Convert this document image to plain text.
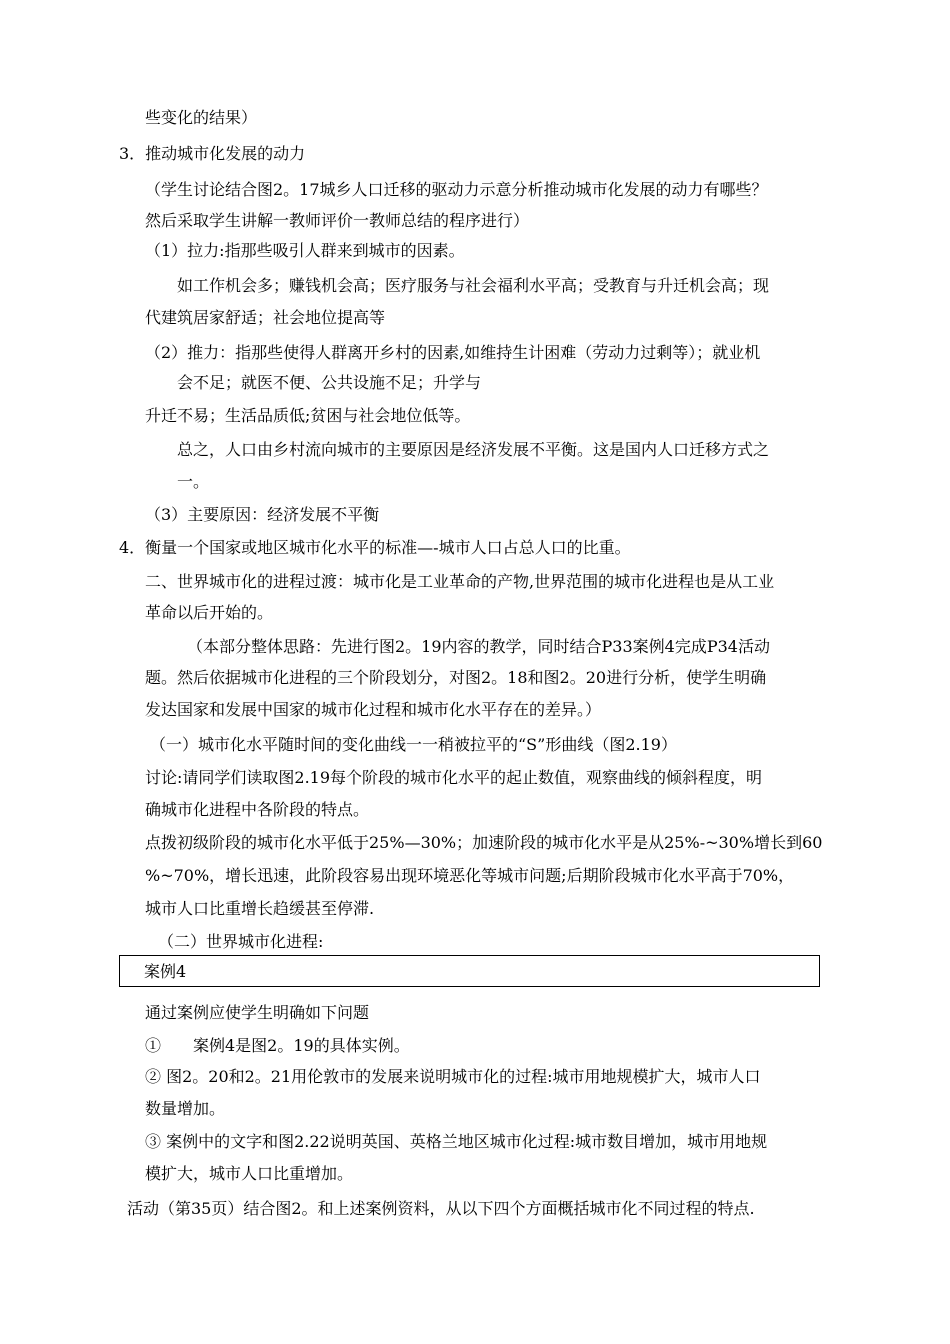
些变化的结果）

3．推动城市化发展的动力

（学生讨论结合图2。17城乡人口迁移的驱动力示意分析推动城市化发展的动力有哪些？

然后采取学生讲解一教师评价一教师总结的程序进行）

（1）拉力:指那些吸引人群来到城市的因素。

如工作机会多；赚钱机会高；医疗服务与社会福利水平高；受教育与升迁机会高；现

代建筑居家舒适；社会地位提高等

（2）推力：指那些使得人群离开乡村的因素,如维持生计困难（劳动力过剩等）；就业机

会不足；就医不便、公共设施不足；升学与

升迁不易；生活品质低;贫困与社会地位低等。

总之，人口由乡村流向城市的主要原因是经济发展不平衡。这是国内人口迁移方式之

一。

（3）主要原因：经济发展不平衡

4．衡量一个国家或地区城市化水平的标准—-城市人口占总人口的比重。

二、世界城市化的进程过渡：城市化是工业革命的产物,世界范围的城市化进程也是从工业

革命以后开始的。

（本部分整体思路：先进行图2。19内容的教学，同时结合P33案例4完成P34活动

题。然后依据城市化进程的三个阶段划分，对图2。18和图2。20进行分析，使学生明确

发达国家和发展中国家的城市化过程和城市化水平存在的差异。）

（一）城市化水平随时间的变化曲线一一稍被拉平的“S”形曲线（图2.19）

讨论:请同学们读取图2.19每个阶段的城市化水平的起止数值，观察曲线的倾斜程度，明

确城市化进程中各阶段的特点。

点拨初级阶段的城市化水平低于25%—30%；加速阶段的城市化水平是从25%-~30%增长到60

%~70%，增长迅速，此阶段容易出现环境恶化等城市问题;后期阶段城市化水平高于70%，

城市人口比重增长趋缓甚至停滞.

（二）世界城市化进程:

案例4

通过案例应使学生明确如下问题

①　　案例4是图2。19的具体实例。

② 图2。20和2。21用伦敦市的发展来说明城市化的过程:城市用地规模扩大，城市人口

数量增加。

③ 案例中的文字和图2.22说明英国、英格兰地区城市化过程:城市数目增加，城市用地规

模扩大，城市人口比重增加。

活动（第35页）结合图2。和上述案例资料，从以下四个方面概括城市化不同过程的特点.
